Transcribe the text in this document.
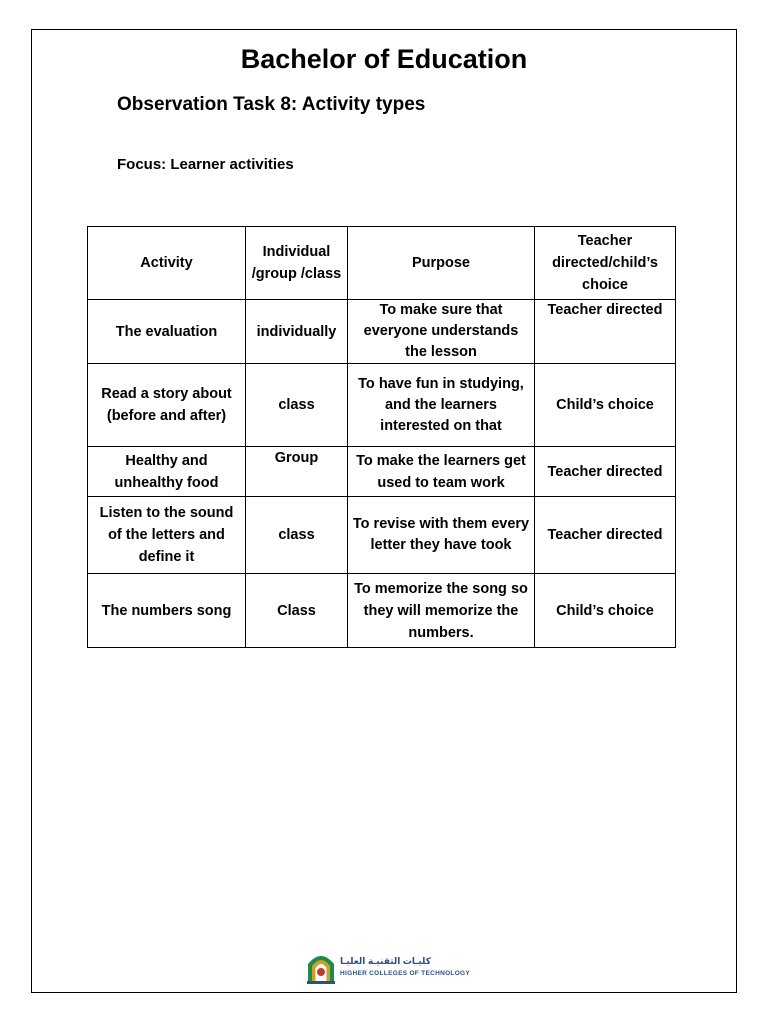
Bachelor of Education
Observation Task 8: Activity types
Focus: Learner activities
Activity	Individual /group /class	Purpose	Teacher directed/child’s choice
The evaluation	individually	To make sure that everyone understands the lesson	Teacher directed
Read a story about (before and after)	class	To have fun in studying, and the learners interested on that	Child’s choice
Healthy and unhealthy food	Group	To make the learners get used to team work	Teacher directed
Listen to the sound of the letters and define it	class	To revise with them every letter they have took	Teacher directed
The numbers song	Class	To memorize the song so they will memorize the numbers.	Child’s choice
كليـات التقنيـة العليـا
HIGHER COLLEGES OF TECHNOLOGY
